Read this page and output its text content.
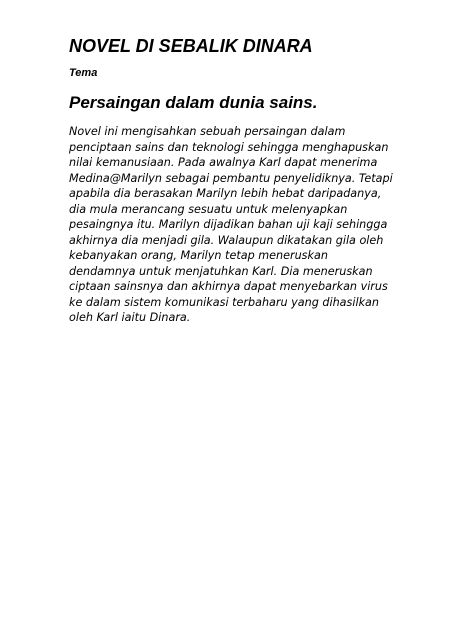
NOVEL DI SEBALIK DINARA
Tema
Persaingan dalam dunia sains.

Novel ini mengisahkan sebuah persaingan dalam
penciptaan sains dan teknologi sehingga menghapuskan
nilai kemanusiaan. Pada awalnya Karl dapat menerima
Medina@Marilyn sebagai pembantu penyelidiknya. Tetapi
apabila dia berasakan Marilyn lebih hebat daripadanya,
dia mula merancang sesuatu untuk melenyapkan
pesaingnya itu. Marilyn dijadikan bahan uji kaji sehingga
akhirnya dia menjadi gila. Walaupun dikatakan gila oleh
kebanyakan orang, Marilyn tetap meneruskan
dendamnya untuk menjatuhkan Karl. Dia meneruskan
ciptaan sainsnya dan akhirnya dapat menyebarkan virus
ke dalam sistem komunikasi terbaharu yang dihasilkan
oleh Karl iaitu Dinara.
